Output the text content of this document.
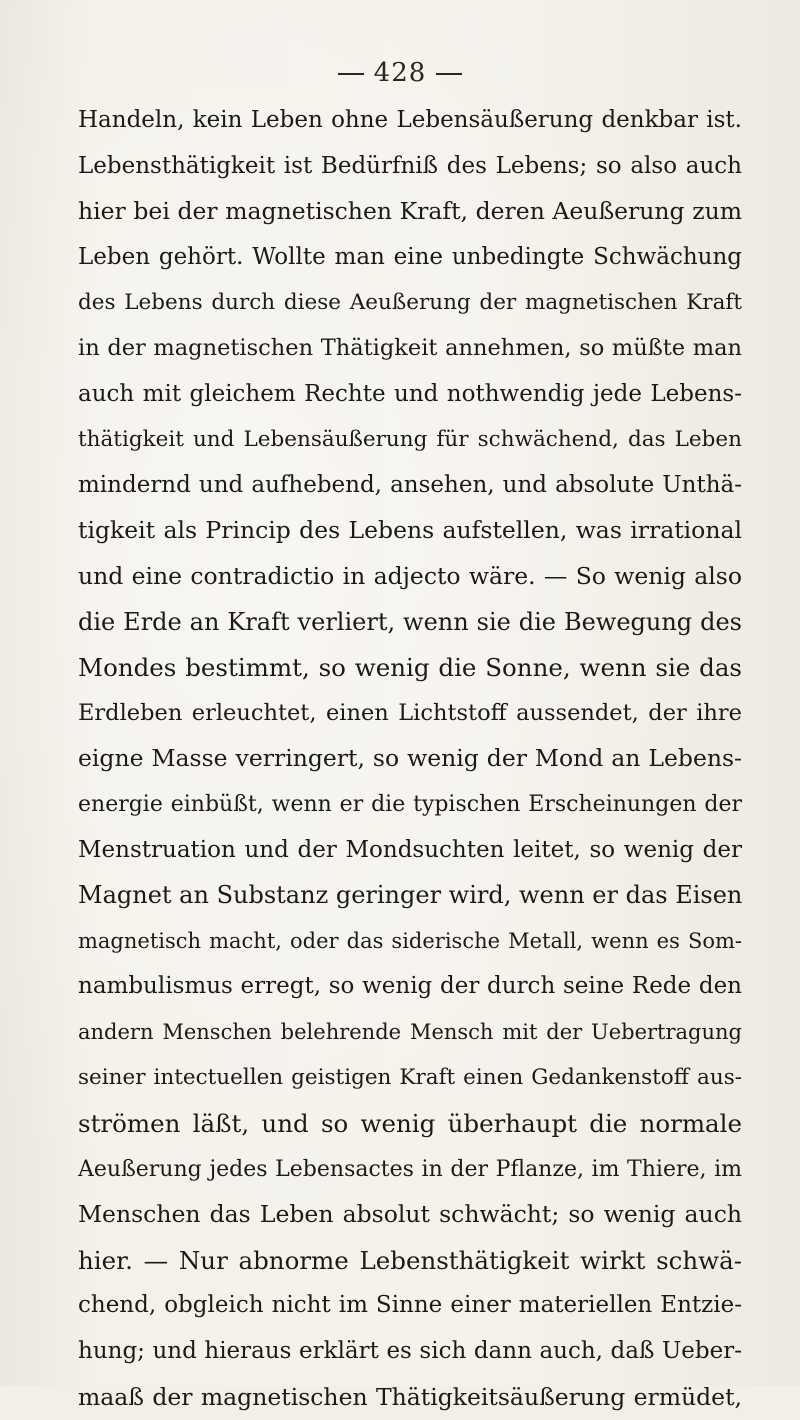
428
Handeln, kein Leben ohne Lebensäußerung denkbar ist.
Lebensthätigkeit ist Bedürfniß des Lebens; so also auch
hier bei der magnetischen Kraft, deren Aeußerung zum
Leben gehört. Wollte man eine unbedingte Schwächung
des Lebens durch diese Aeußerung der magnetischen Kraft
in der magnetischen Thätigkeit annehmen, so müßte man
auch mit gleichem Rechte und nothwendig jede Lebens-
thätigkeit und Lebensäußerung für schwächend, das Leben
mindernd und aufhebend, ansehen, und absolute Unthä-
tigkeit als Princip des Lebens aufstellen, was irrational
und eine contradictio in adjecto wäre. — So wenig also
die Erde an Kraft verliert, wenn sie die Bewegung des
Mondes bestimmt, so wenig die Sonne, wenn sie das
Erdleben erleuchtet, einen Lichtstoff aussendet, der ihre
eigne Masse verringert, so wenig der Mond an Lebens-
energie einbüßt, wenn er die typischen Erscheinungen der
Menstruation und der Mondsuchten leitet, so wenig der
Magnet an Substanz geringer wird, wenn er das Eisen
magnetisch macht, oder das siderische Metall, wenn es Som-
nambulismus erregt, so wenig der durch seine Rede den
andern Menschen belehrende Mensch mit der Uebertragung
seiner intectuellen geistigen Kraft einen Gedankenstoff aus-
strömen läßt, und so wenig überhaupt die normale
Aeußerung jedes Lebensactes in der Pflanze, im Thiere, im
Menschen das Leben absolut schwächt; so wenig auch
hier. — Nur abnorme Lebensthätigkeit wirkt schwä-
chend, obgleich nicht im Sinne einer materiellen Entzie-
hung; und hieraus erklärt es sich dann auch, daß Ueber-
maaß der magnetischen Thätigkeitsäußerung ermüdet,
